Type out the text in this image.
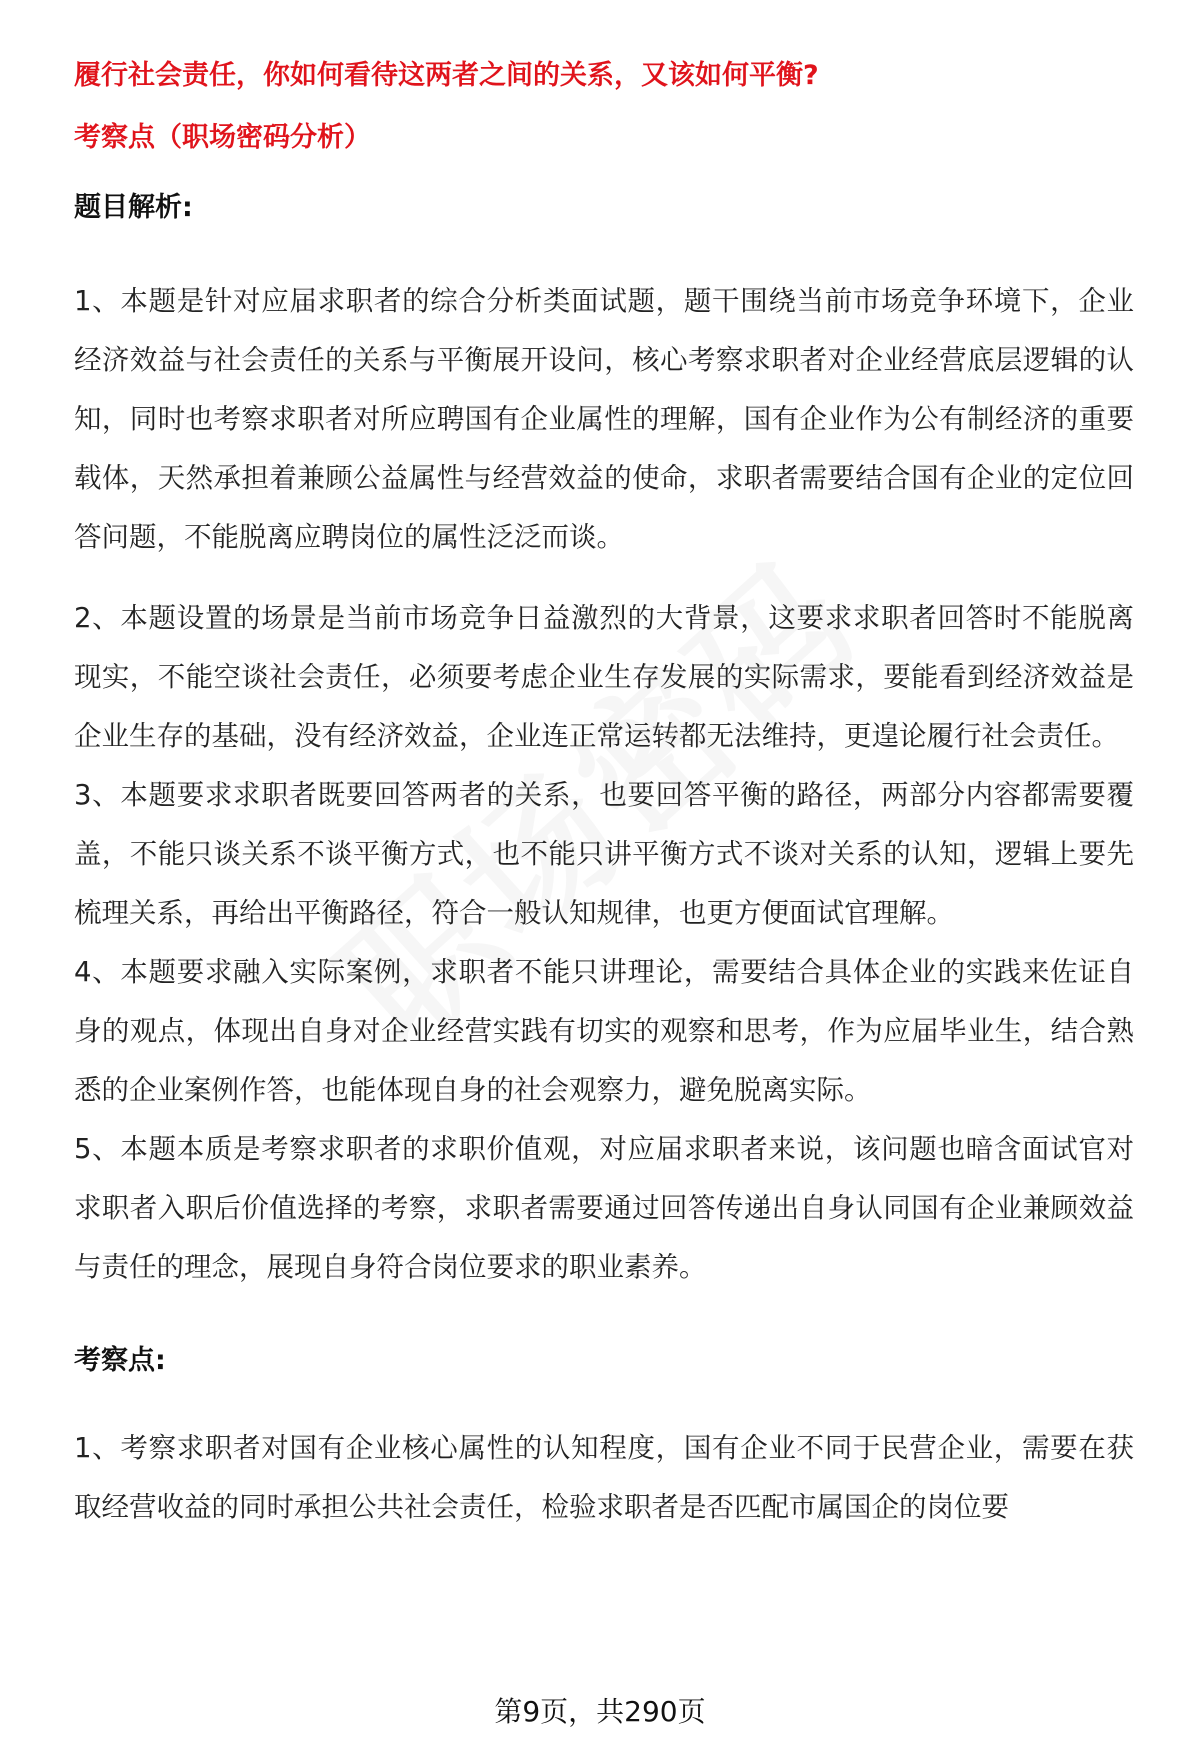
履行社会责任，你如何看待这两者之间的关系，又该如何平衡?

考察点（职场密码分析）

题目解析:

1、本题是针对应届求职者的综合分析类面试题，题干围绕当前市场竞争环境下，企业经济效益与社会责任的关系与平衡展开设问，核心考察求职者对企业经营底层逻辑的认知，同时也考察求职者对所应聘国有企业属性的理解，国有企业作为公有制经济的重要载体，天然承担着兼顾公益属性与经营效益的使命，求职者需要结合国有企业的定位回答问题，不能脱离应聘岗位的属性泛泛而谈。

2、本题设置的场景是当前市场竞争日益激烈的大背景，这要求求职者回答时不能脱离现实，不能空谈社会责任，必须要考虑企业生存发展的实际需求，要能看到经济效益是企业生存的基础，没有经济效益，企业连正常运转都无法维持，更遑论履行社会责任。

3、本题要求求职者既要回答两者的关系，也要回答平衡的路径，两部分内容都需要覆盖，不能只谈关系不谈平衡方式，也不能只讲平衡方式不谈对关系的认知，逻辑上要先梳理关系，再给出平衡路径，符合一般认知规律，也更方便面试官理解。

4、本题要求融入实际案例，求职者不能只讲理论，需要结合具体企业的实践来佐证自身的观点，体现出自身对企业经营实践有切实的观察和思考，作为应届毕业生，结合熟悉的企业案例作答，也能体现自身的社会观察力，避免脱离实际。

5、本题本质是考察求职者的求职价值观，对应届求职者来说，该问题也暗含面试官对求职者入职后价值选择的考察，求职者需要通过回答传递出自身认同国有企业兼顾效益与责任的理念，展现自身符合岗位要求的职业素养。

考察点:

1、考察求职者对国有企业核心属性的认知程度，国有企业不同于民营企业，需要在获取经营收益的同时承担公共社会责任，检验求职者是否匹配市属国企的岗位要

第9页，共290页
